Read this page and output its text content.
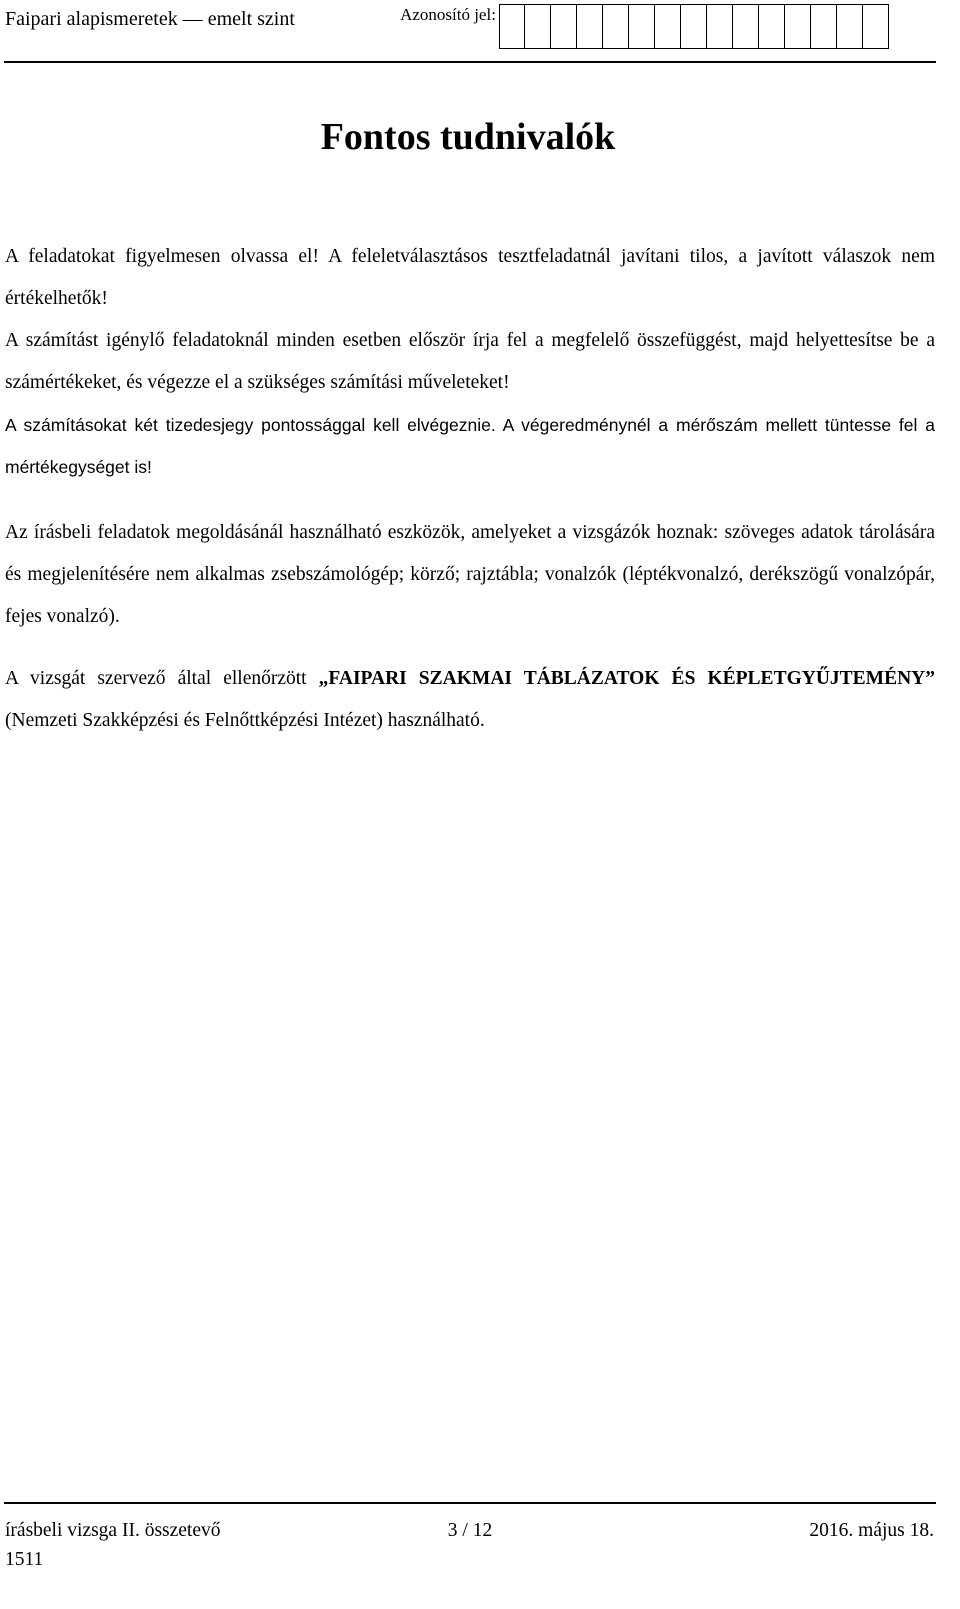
Faipari alapismeretek — emelt szint	Azonosító jel:
Fontos tudnivalók

A feladatokat figyelmesen olvassa el! A feleletválasztásos tesztfeladatnál javítani tilos, a javított válaszok nem értékelhetők!

A számítást igénylő feladatoknál minden esetben először írja fel a megfelelő összefüggést, majd helyettesítse be a számértékeket, és végezze el a szükséges számítási műveleteket!

A számításokat két tizedesjegy pontossággal kell elvégeznie. A végeredménynél a mérőszám mellett tüntesse fel a mértékegységet is!

Az írásbeli feladatok megoldásánál használható eszközök, amelyeket a vizsgázók hoznak: szöveges adatok tárolására és megjelenítésére nem alkalmas zsebszámológép; körző; rajztábla; vonalzók (léptékvonalzó, derékszögű vonalzópár, fejes vonalzó).

A vizsgát szervező által ellenőrzött „FAIPARI SZAKMAI TÁBLÁZATOK ÉS KÉPLETGYŰJTEMÉNY” (Nemzeti Szakképzési és Felnőttképzési Intézet) használható.

írásbeli vizsga II. összetevő
1511
3 / 12	2016. május 18.
